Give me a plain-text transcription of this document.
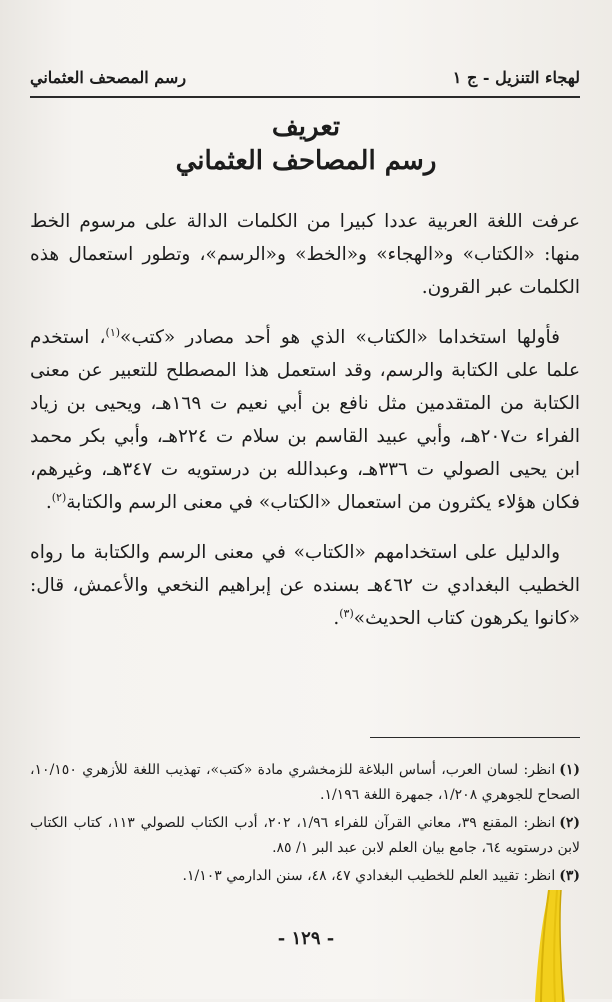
لهجاء التنزيل - ج ١
رسم المصحف العثماني
تعريف
رسم المصاحف العثماني

عرفت اللغة العربية عددا كبيرا من الكلمات الدالة على مرسوم الخط منها: «الكتاب» و«الهجاء» و«الخط» و«الرسم»، وتطور استعمال هذه الكلمات عبر القرون.

فأولها استخداما «الكتاب» الذي هو أحد مصادر «كتب»$^{(١)}$، استخدم علما على الكتابة والرسم، وقد استعمل هذا المصطلح للتعبير عن معنى الكتابة من المتقدمين مثل نافع بن أبي نعيم ت ١٦٩هـ، ويحيى بن زياد الفراء ت٢٠٧هـ، وأبي عبيد القاسم بن سلام ت ٢٢٤هـ، وأبي بكر محمد ابن يحيى الصولي ت ٣٣٦هـ، وعبدالله بن درستويه ت ٣٤٧هـ، وغيرهم، فكان هؤلاء يكثرون من استعمال «الكتاب» في معنى الرسم والكتابة$^{(٢)}$.

والدليل على استخدامهم «الكتاب» في معنى الرسم والكتابة ما رواه الخطيب البغدادي ت ٤٦٢هـ بسنده عن إبراهيم النخعي والأعمش، قال: «كانوا يكرهون كتاب الحديث»$^{(٣)}$.

(١)انظر: لسان العرب، أساس البلاغة للزمخشري مادة «كتب»، تهذيب اللغة للأزهري ١٠/١٥٠، الصحاح للجوهري ١/٢٠٨، جمهرة اللغة ١/١٩٦.

(٢)انظر: المقنع ٣٩، معاني القرآن للفراء ١/٩٦، ٢٠٢، أدب الكتاب للصولي ١١٣، كتاب الكتاب لابن درستويه ٦٤، جامع بيان العلم لابن عبد البر ١/ ٨٥.

(٣)انظر: تقييد العلم للخطيب البغدادي ٤٧، ٤٨، سنن الدارمي ١/١٠٣.

- ١٢٩ -
